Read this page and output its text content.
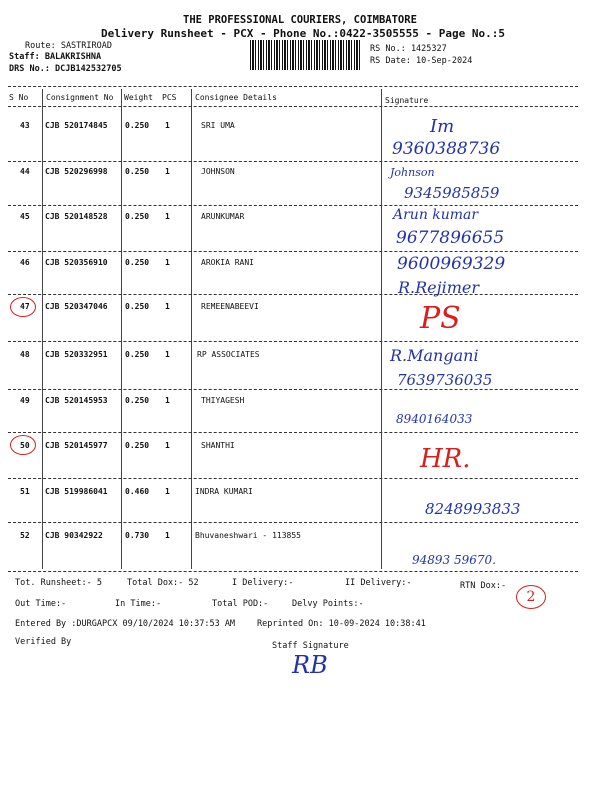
THE PROFESSIONAL COURIERS, COIMBATORE
Delivery Runsheet - PCX - Phone No.:0422-3505555 - Page No.:5
Route: SASTRIROAD
Staff: BALAKRISHNA
DRS No.: DCJB142532705
RS No.: 1425327
RS Date: 10-Sep-2024
S No Consignment No Weight PCS Consignee Details	Signature
43 CJB 520174845 0.250 1	SRI UMA	Im
9360388736
44 CJB 520296998 0.250 1	JOHNSON	Johnson
9345985859
45 CJB 520148528 0.250 1	ARUNKUMAR	Arun kumar
9677896655
46 CJB 520356910 0.250 1	AROKIA RANI	9600969329
47 CJB 520347046 0.250 1	REMEENABEEVI
R.Rejimer
PS
48 CJB 520332951 0.250 1	RP ASSOCIATES	R.Mangani
7639736035
49 CJB 520145953 0.250 1	THIYAGESH
8940164033
50 CJB 520145977 0.250 1	SHANTHI	HR.
51 CJB 519986041 0.460 1	INDRA KUMARI
8248993833
52 CJB 90342922	0.730 1	Bhuvaneshwari - 113855
94893 59670.
Tot. Runsheet:- 5	Total Dox:- 52	I Delivery:-	II Delivery:-	RTN Dox:-
2
Out Time:-	In Time:-	Total POD:-	Delvy Points:-
Entered By :DURGAPCX 09/10/2024 10:37:53 AM	Reprinted On: 10-09-2024 10:38:41
Verified By	Staff Signature
RB
